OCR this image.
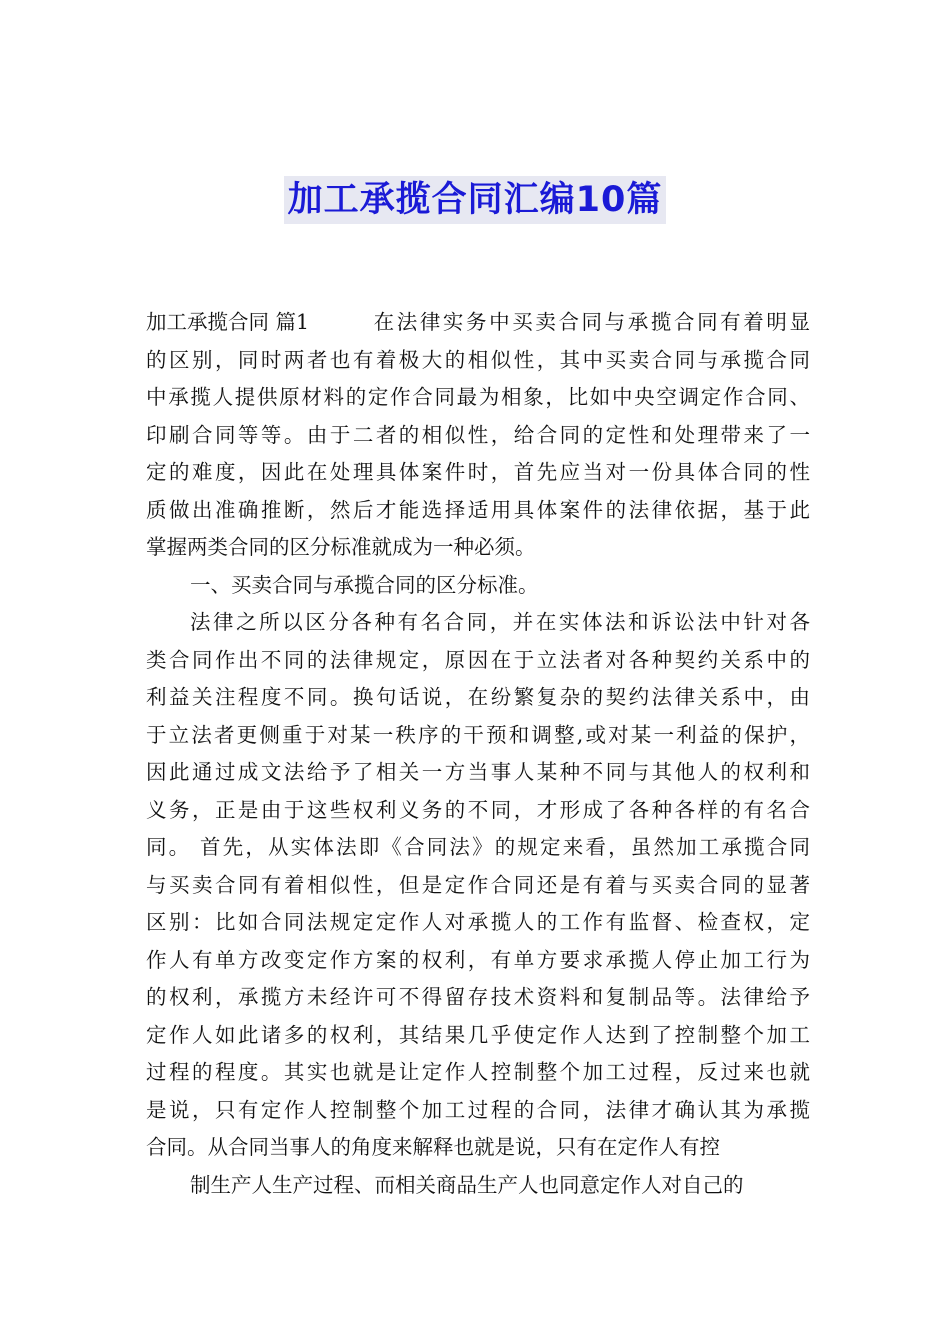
加工承揽合同汇编10篇
加工承揽合同 篇1	在法律实务中买卖合同与承揽合同有着明显
的区别，同时两者也有着极大的相似性，其中买卖合同与承揽合同
中承揽人提供原材料的定作合同最为相象，比如中央空调定作合同、
印刷合同等等。由于二者的相似性，给合同的定性和处理带来了一
定的难度，因此在处理具体案件时，首先应当对一份具体合同的性
质做出准确推断，然后才能选择适用具体案件的法律依据，基于此
掌握两类合同的区分标准就成为一种必须。
一、买卖合同与承揽合同的区分标准。
法律之所以区分各种有名合同，并在实体法和诉讼法中针对各
类合同作出不同的法律规定，原因在于立法者对各种契约关系中的
利益关注程度不同。换句话说，在纷繁复杂的契约法律关系中，由
于立法者更侧重于对某一秩序的干预和调整,或对某一利益的保护，
因此通过成文法给予了相关一方当事人某种不同与其他人的权利和
义务，正是由于这些权利义务的不同，才形成了各种各样的有名合
同。 首先，从实体法即《合同法》的规定来看，虽然加工承揽合同
与买卖合同有着相似性，但是定作合同还是有着与买卖合同的显著
区别：比如合同法规定定作人对承揽人的工作有监督、检查权，定
作人有单方改变定作方案的权利，有单方要求承揽人停止加工行为
的权利，承揽方未经许可不得留存技术资料和复制品等。法律给予
定作人如此诸多的权利，其结果几乎使定作人达到了控制整个加工
过程的程度。其实也就是让定作人控制整个加工过程，反过来也就
是说，只有定作人控制整个加工过程的合同，法律才确认其为承揽
合同。从合同当事人的角度来解释也就是说，只有在定作人有控
制生产人生产过程、而相关商品生产人也同意定作人对自己的
